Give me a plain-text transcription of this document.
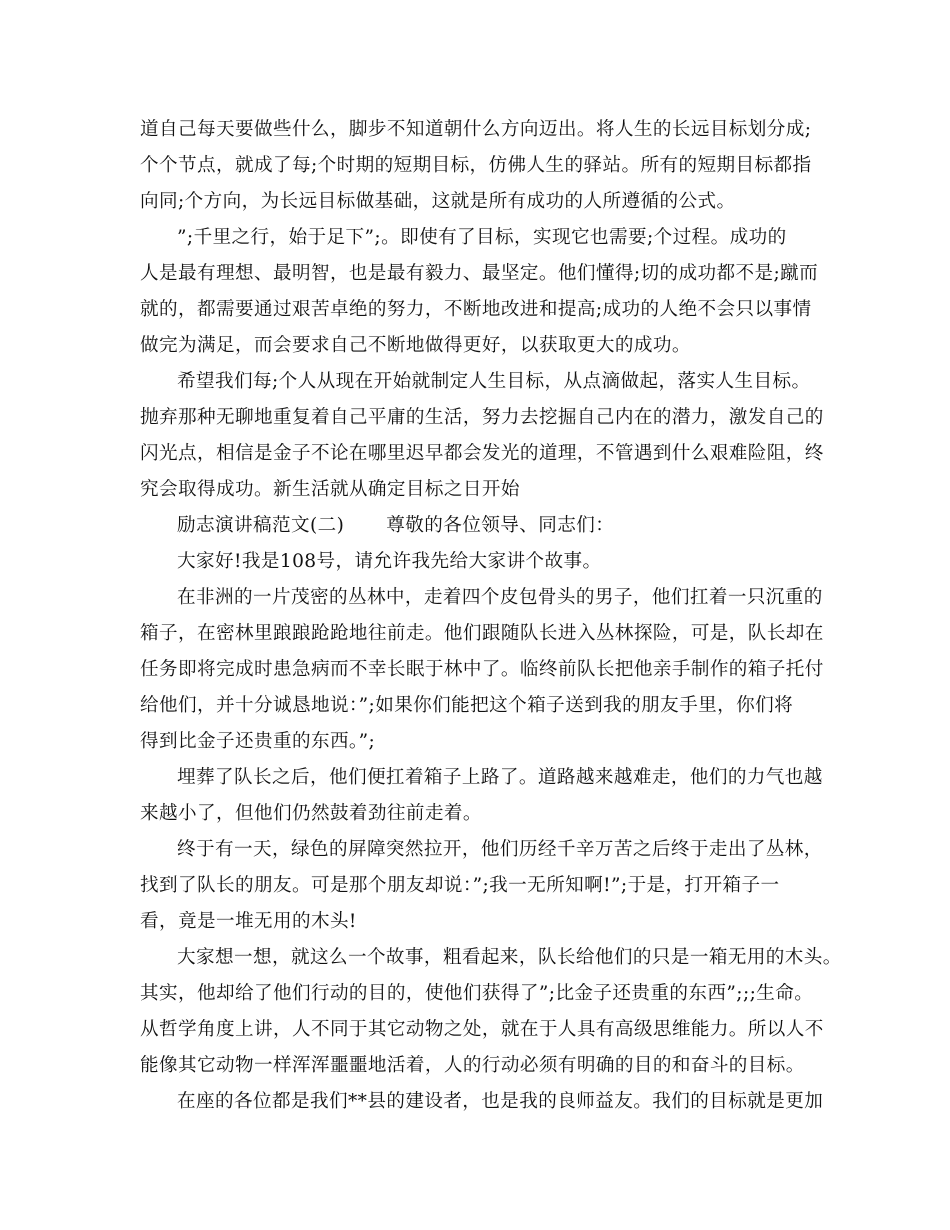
道自己每天要做些什么，脚步不知道朝什么方向迈出。将人生的长远目标划分成;
个个节点，就成了每;个时期的短期目标，仿佛人生的驿站。所有的短期目标都指
向同;个方向，为长远目标做基础，这就是所有成功的人所遵循的公式。
”;千里之行，始于足下”;。即使有了目标，实现它也需要;个过程。成功的
人是最有理想、最明智，也是最有毅力、最坚定。他们懂得;切的成功都不是;蹴而
就的，都需要通过艰苦卓绝的努力，不断地改进和提高;成功的人绝不会只以事情
做完为满足，而会要求自己不断地做得更好，以获取更大的成功。
希望我们每;个人从现在开始就制定人生目标，从点滴做起，落实人生目标。
抛弃那种无聊地重复着自己平庸的生活，努力去挖掘自己内在的潜力，激发自己的
闪光点，相信是金子不论在哪里迟早都会发光的道理，不管遇到什么艰难险阻，终
究会取得成功。新生活就从确定目标之日开始
励志演讲稿范文(二) 尊敬的各位领导、同志们：
大家好!我是108号，请允许我先给大家讲个故事。
在非洲的一片茂密的丛林中，走着四个皮包骨头的男子，他们扛着一只沉重的
箱子，在密林里踉踉跄跄地往前走。他们跟随队长进入丛林探险，可是，队长却在
任务即将完成时患急病而不幸长眠于林中了。临终前队长把他亲手制作的箱子托付
给他们，并十分诚恳地说：”;如果你们能把这个箱子送到我的朋友手里，你们将
得到比金子还贵重的东西。”;
埋葬了队长之后，他们便扛着箱子上路了。道路越来越难走，他们的力气也越
来越小了，但他们仍然鼓着劲往前走着。
终于有一天，绿色的屏障突然拉开，他们历经千辛万苦之后终于走出了丛林，
找到了队长的朋友。可是那个朋友却说：”;我一无所知啊!”;于是，打开箱子一
看，竟是一堆无用的木头!
大家想一想，就这么一个故事，粗看起来，队长给他们的只是一箱无用的木头。
其实，他却给了他们行动的目的，使他们获得了”;比金子还贵重的东西”;;;生命。
从哲学角度上讲，人不同于其它动物之处，就在于人具有高级思维能力。所以人不
能像其它动物一样浑浑噩噩地活着，人的行动必须有明确的目的和奋斗的目标。
在座的各位都是我们**县的建设者，也是我的良师益友。我们的目标就是更加
